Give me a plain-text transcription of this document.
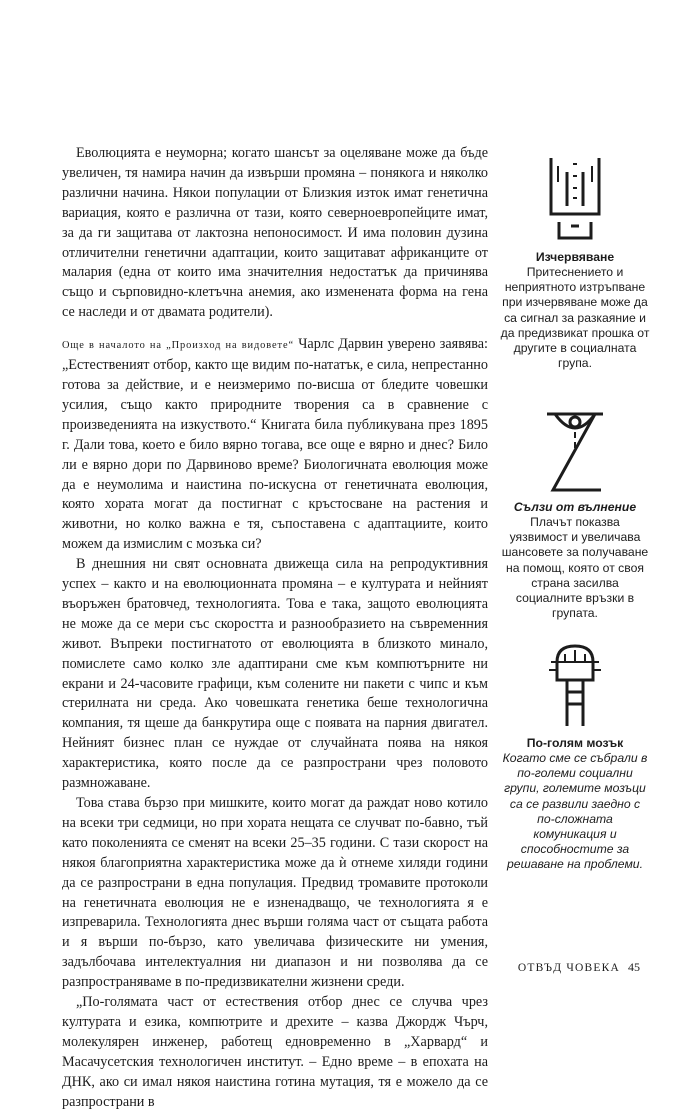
Еволюцията е неуморна; когато шансът за оцеляване може да бъде увеличен, тя намира начин да извърши промяна – понякога и няколко различни начина. Някои популации от Близкия изток имат генетична вариация, която е различна от тази, която северноевропейците имат, за да ги защитава от лактозна непоносимост. И има половин дузина отличителни генетични адаптации, които защитават африканците от малария (една от които има значителния недостатък да причинява също и сърповидно-клетъчна анемия, ако изменената форма на гена се наследи и от двамата родители).

Още в началото на „Произход на видовете“ Чарлс Дарвин уверено заявява: „Естественият отбор, както ще видим по-нататък, е сила, непрестанно готова за действие, и е неизмеримо по-висша от бледите човешки усилия, също както природните творения са в сравнение с произведенията на изкуството.“ Книгата била публикувана през 1895 г. Дали това, което е било вярно тогава, все още е вярно и днес? Било ли е вярно дори по Дарвиново време? Биологичната еволюция може да е неумолима и наистина по-искусна от генетичната еволюция, която хората могат да постигнат с кръстосване на растения и животни, но колко важна е тя, съпоставена с адаптациите, които можем да измислим с мозъка си?

В днешния ни свят основната движеща сила на репродуктивния успех – както и на еволюционната промяна – е културата и нейният въоръжен братовчед, технологията. Това е така, защото еволюцията не може да се мери със скоростта и разнообразието на съвременния живот. Въпреки постигнатото от еволюцията в близкото минало, помислете само колко зле адаптирани сме към компютърните ни екрани и 24-часовите графици, към солените ни пакети с чипс и към стерилната ни среда. Ако човешката генетика беше технологична компания, тя щеше да банкрутира още с появата на парния двигател. Нейният бизнес план се нуждае от случайната поява на някоя характеристика, която после да се разпространи чрез половото размножаване.

Това става бързо при мишките, които могат да раждат ново котило на всеки три седмици, но при хората нещата се случват по-бавно, тъй като поколенията се сменят на всеки 25–35 години. С тази скорост на някоя благоприятна характеристика може да ѝ отнеме хиляди години да се разпространи в една популация. Предвид тромавите протоколи на генетичната еволюция не е изненадващо, че технологията я е изпреварила. Технологията днес върши голяма част от същата работа и я върши по-бързо, като увеличава физическите ни умения, задълбочава интелектуалния ни диапазон и ни позволява да се разпространяваме в по-предизвикателни жизнени среди.

„По-голямата част от естествения отбор днес се случва чрез културата и езика, компютрите и дрехите – казва Джордж Чърч, молекулярен инженер, работещ едновременно в „Харвард“ и Масачусетския технологичен институт. – Едно време – в епохата на ДНК, ако си имал някоя наистина готина мутация, тя е можело да се разпространи в

Изчервяване

Притеснението и неприятното изтръпване при изчервяване може да са сигнал за разкаяние и да предизвикат прошка от другите в социалната група.

Сълзи от вълнение

Плачът показва уязвимост и увеличава шансовете за получаване на помощ, която от своя страна засилва социалните връзки в групата.

По-голям мозък

Когато сме се събрали в по-големи социални групи, големите мозъци са се развили заедно с по-сложната комуникация и способностите за решаване на проблеми.

ОТВЪД ЧОВЕКА 45
